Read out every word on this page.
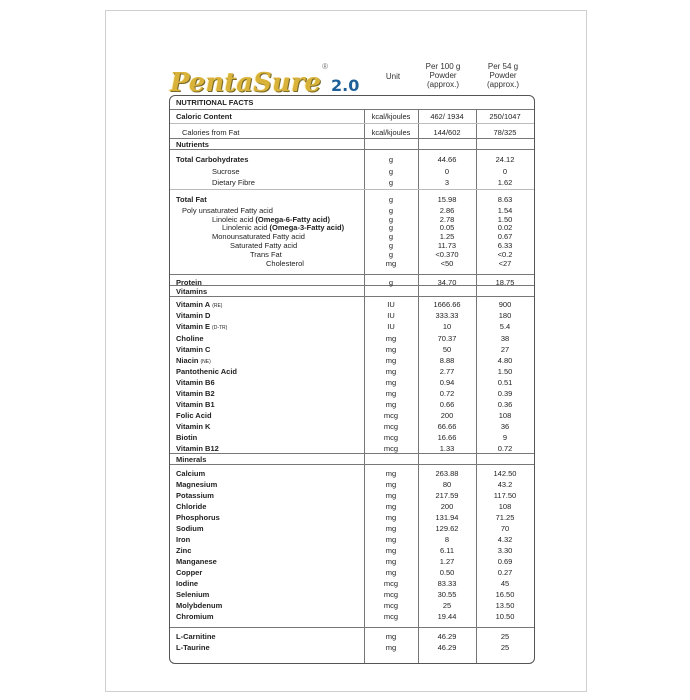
PentaSure
®
2.0	Unit
Per 100 g
Powder
(approx.)
Per 54 g
Powder
(approx.)
NUTRITIONAL FACTS
Nutrients
Vitamins
Minerals
Caloric Content	kcal/kjoules	462/ 1934	250/1047
Calories from Fat	kcal/kjoules	144/602	78/325
Total Carbohydrates	g	44.66	24.12
Sucrose	g	0	0
Dietary Fibre	g	3	1.62
Total Fat	g	15.98	8.63
Poly unsaturated Fatty acid	g	2.86	1.54
Linoleic acid (Omega-6-Fatty acid)	g	2.78	1.50
Linolenic acid (Omega-3-Fatty acid)	g	0.05	0.02
Monounsaturated Fatty acid	g	1.25	0.67
Saturated Fatty acid	g	11.73	6.33
Trans Fat	g	<0.370	<0.2
Cholesterol	mg	<50	<27
Protein	g	34.70	18.75
Vitamin A (RE)	IU	1666.66	900
Vitamin D	IU	333.33	180
Vitamin E (D-TR)	IU	10	5.4
Choline	mg	70.37	38
Vitamin C	mg	50	27
Niacin (NE)	mg	8.88	4.80
Pantothenic Acid	mg	2.77	1.50
Vitamin B6	mg	0.94	0.51
Vitamin B2	mg	0.72	0.39
Vitamin B1	mg	0.66	0.36
Folic Acid	mcg	200	108
Vitamin K	mcg	66.66	36
Biotin	mcg	16.66	9
Vitamin B12	mcg	1.33	0.72
Calcium	mg	263.88	142.50
Magnesium	mg	80	43.2
Potassium	mg	217.59	117.50
Chloride	mg	200	108
Phosphorus	mg	131.94	71.25
Sodium	mg	129.62	70
Iron	mg	8	4.32
Zinc	mg	6.11	3.30
Manganese	mg	1.27	0.69
Copper	mg	0.50	0.27
Iodine	mcg	83.33	45
Selenium	mcg	30.55	16.50
Molybdenum	mcg	25	13.50
Chromium	mcg	19.44	10.50
L-Carnitine	mg	46.29	25
L-Taurine	mg	46.29	25
